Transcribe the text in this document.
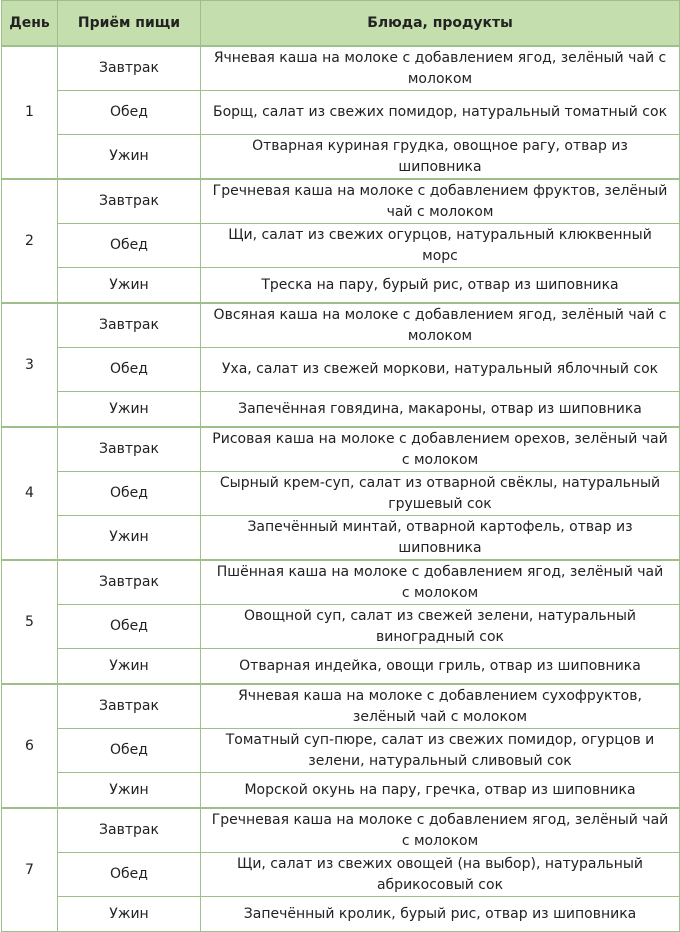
День	Приём пищи	Блюда, продукты
1	Завтрак	Ячневая каша на молоке с добавлением ягод, зелёный чай с молоком
	Обед	Борщ, салат из свежих помидор, натуральный томатный сок
	Ужин	Отварная куриная грудка, овощное рагу, отвар из шиповника
2	Завтрак	Гречневая каша на молоке с добавлением фруктов, зелёный чай с молоком
	Обед	Щи, салат из свежих огурцов, натуральный клюквенный морс
	Ужин	Треска на пару, бурый рис, отвар из шиповника
3	Завтрак	Овсяная каша на молоке с добавлением ягод, зелёный чай с молоком
	Обед	Уха, салат из свежей моркови, натуральный яблочный сок
	Ужин	Запечённая говядина, макароны, отвар из шиповника
4	Завтрак	Рисовая каша на молоке с добавлением орехов, зелёный чай с молоком
	Обед	Сырный крем-суп, салат из отварной свёклы, натуральный грушевый сок
	Ужин	Запечённый минтай, отварной картофель, отвар из шиповника
5	Завтрак	Пшённая каша на молоке с добавлением ягод, зелёный чай с молоком
	Обед	Овощной суп, салат из свежей зелени, натуральный виноградный сок
	Ужин	Отварная индейка, овощи гриль, отвар из шиповника
6	Завтрак	Ячневая каша на молоке с добавлением сухофруктов, зелёный чай с молоком
	Обед	Томатный суп-пюре, салат из свежих помидор, огурцов и зелени, натуральный сливовый сок
	Ужин	Морской окунь на пару, гречка, отвар из шиповника
7	Завтрак	Гречневая каша на молоке с добавлением ягод, зелёный чай с молоком
	Обед	Щи, салат из свежих овощей (на выбор), натуральный абрикосовый сок
	Ужин	Запечённый кролик, бурый рис, отвар из шиповника
